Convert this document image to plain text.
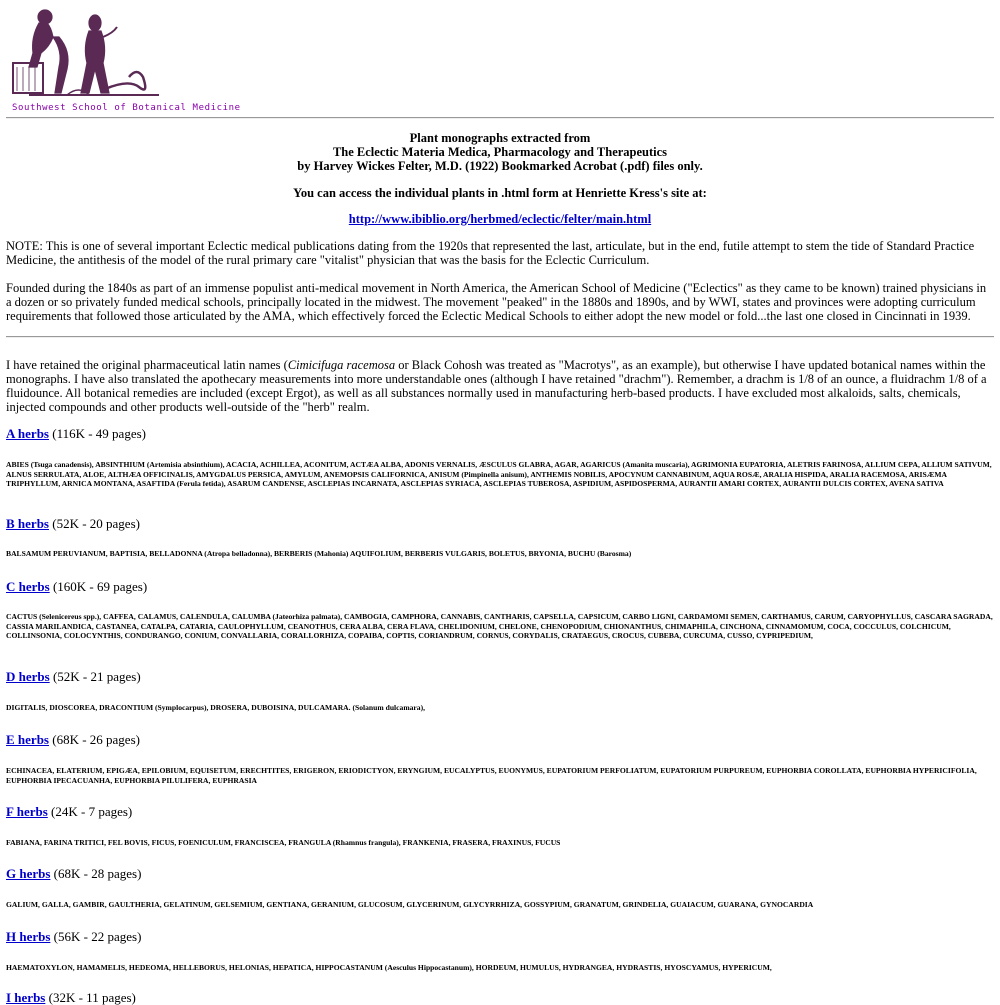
Southwest School of Botanical Medicine
Plant monographs extracted from
The Eclectic Materia Medica, Pharmacology and Therapeutics
by Harvey Wickes Felter, M.D. (1922) Bookmarked Acrobat (.pdf) files only.
You can access the individual plants in .html form at Henriette Kress's site at:
http://www.ibiblio.org/herbmed/eclectic/felter/main.html
NOTE: This is one of several important Eclectic medical publications dating from the 1920s that represented the last, articulate, but in the end, futile attempt to stem the tide of Standard Practice Medicine, the antithesis of the model of the rural primary care "vitalist" physician that was the basis for the Eclectic Curriculum.
Founded during the 1840s as part of an immense populist anti-medical movement in North America, the American School of Medicine ("Eclectics" as they came to be known) trained physicians in a dozen or so privately funded medical schools, principally located in the midwest. The movement "peaked" in the 1880s and 1890s, and by WWI, states and provinces were adopting curriculum requirements that followed those articulated by the AMA, which effectively forced the Eclectic Medical Schools to either adopt the new model or fold...the last one closed in Cincinnati in 1939.
I have retained the original pharmaceutical latin names (Cimicifuga racemosa or Black Cohosh was treated as "Macrotys", as an example), but otherwise I have updated botanical names within the monographs. I have also translated the apothecary measurements into more understandable ones (although I have retained "drachm"). Remember, a drachm is 1/8 of an ounce, a fluidrachm 1/8 of a fluidounce. All botanical remedies are included (except Ergot), as well as all substances normally used in manufacturing herb-based products. I have excluded most alkaloids, salts, chemicals, injected compounds and other products well-outside of the "herb" realm.
A herbs (116K - 49 pages)
ABIES (Tsuga canadensis), ABSINTHIUM (Artemisia absinthium), ACACIA, ACHILLEA, ACONITUM, ACTÆA ALBA, ADONIS VERNALIS, ÆSCULUS GLABRA, AGAR, AGARICUS (Amanita muscaria), AGRIMONIA EUPATORIA, ALETRIS FARINOSA, ALLIUM CEPA, ALLIUM SATIVUM, ALNUS SERRULATA, ALOE, ALTHÆA OFFICINALIS, AMYGDALUS PERSICA, AMYLUM, ANEMOPSIS CALIFORNICA, ANISUM (Pimpinella anisum), ANTHEMIS NOBILIS, APOCYNUM CANNABINUM, AQUA ROSÆ, ARALIA HISPIDA, ARALIA RACEMOSA, ARISÆMA TRIPHYLLUM, ARNICA MONTANA, ASAFTIDA (Ferula fetida), ASARUM CANDENSE, ASCLEPIAS INCARNATA, ASCLEPIAS SYRIACA, ASCLEPIAS TUBEROSA, ASPIDIUM, ASPIDOSPERMA, AURANTII AMARI CORTEX, AURANTII DULCIS CORTEX, AVENA SATIVA
B herbs (52K - 20 pages)
BALSAMUM PERUVIANUM, BAPTISIA, BELLADONNA (Atropa belladonna), BERBERIS (Mahonia) AQUIFOLIUM, BERBERIS VULGARIS, BOLETUS, BRYONIA, BUCHU (Barosma)
C herbs (160K - 69 pages)
CACTUS (Selenicereus spp.), CAFFEA, CALAMUS, CALENDULA, CALUMBA (Jateorhiza palmata), CAMBOGIA, CAMPHORA, CANNABIS, CANTHARIS, CAPSELLA, CAPSICUM, CARBO LIGNI, CARDAMOMI SEMEN, CARTHAMUS, CARUM, CARYOPHYLLUS, CASCARA SAGRADA, CASSIA MARILANDICA, CASTANEA, CATALPA, CATARIA, CAULOPHYLLUM, CEANOTHUS, CERA ALBA, CERA FLAVA, CHELIDONIUM, CHELONE, CHENOPODIUM, CHIONANTHUS, CHIMAPHILA, CINCHONA, CINNAMOMUM, COCA, COCCULUS, COLCHICUM, COLLINSONIA, COLOCYNTHIS, CONDURANGO, CONIUM, CONVALLARIA, CORALLORHIZA, COPAIBA, COPTIS, CORIANDRUM, CORNUS, CORYDALIS, CRATAEGUS, CROCUS, CUBEBA, CURCUMA, CUSSO, CYPRIPEDIUM,
D herbs (52K - 21 pages)
DIGITALIS, DIOSCOREA, DRACONTIUM (Symplocarpus), DROSERA, DUBOISINA, DULCAMARA. (Solanum dulcamara),
E herbs (68K - 26 pages)
ECHINACEA, ELATERIUM, EPIGÆA, EPILOBIUM, EQUISETUM, ERECHTITES, ERIGERON, ERIODICTYON, ERYNGIUM, EUCALYPTUS, EUONYMUS, EUPATORIUM PERFOLIATUM, EUPATORIUM PURPUREUM, EUPHORBIA COROLLATA, EUPHORBIA HYPERICIFOLIA, EUPHORBIA IPECACUANHA, EUPHORBIA PILULIFERA, EUPHRASIA
F herbs (24K - 7 pages)
FABIANA, FARINA TRITICI, FEL BOVIS, FICUS, FOENICULUM, FRANCISCEA, FRANGULA (Rhamnus frangula), FRANKENIA, FRASERA, FRAXINUS, FUCUS
G herbs (68K - 28 pages)
GALIUM, GALLA, GAMBIR, GAULTHERIA, GELATINUM, GELSEMIUM, GENTIANA, GERANIUM, GLUCOSUM, GLYCERINUM, GLYCYRRHIZA, GOSSYPIUM, GRANATUM, GRINDELIA, GUAIACUM, GUARANA, GYNOCARDIA
H herbs (56K - 22 pages)
HAEMATOXYLON, HAMAMELIS, HEDEOMA, HELLEBORUS, HELONIAS, HEPATICA, HIPPOCASTANUM (Aesculus Hippocastanum), HORDEUM, HUMULUS, HYDRANGEA, HYDRASTIS, HYOSCYAMUS, HYPERICUM,
I herbs (32K - 11 pages)
